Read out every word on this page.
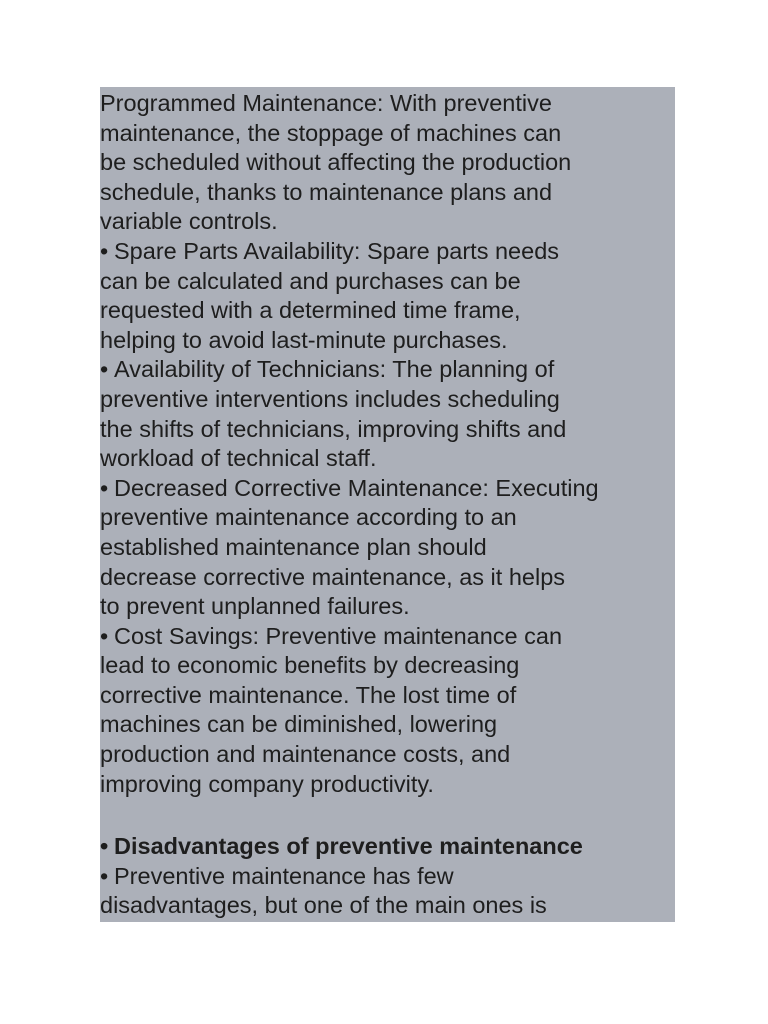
Programmed Maintenance: With preventive
maintenance, the stoppage of machines can
be scheduled without affecting the production
schedule, thanks to maintenance plans and
variable controls.
• Spare Parts Availability: Spare parts needs
can be calculated and purchases can be
requested with a determined time frame,
helping to avoid last-minute purchases.
• Availability of Technicians: The planning of
preventive interventions includes scheduling
the shifts of technicians, improving shifts and
workload of technical staff.
• Decreased Corrective Maintenance: Executing
preventive maintenance according to an
established maintenance plan should
decrease corrective maintenance, as it helps
to prevent unplanned failures.
• Cost Savings: Preventive maintenance can
lead to economic benefits by decreasing
corrective maintenance. The lost time of
machines can be diminished, lowering
production and maintenance costs, and
improving company productivity.
• Disadvantages of preventive maintenance
• Preventive maintenance has few
disadvantages, but one of the main ones is
